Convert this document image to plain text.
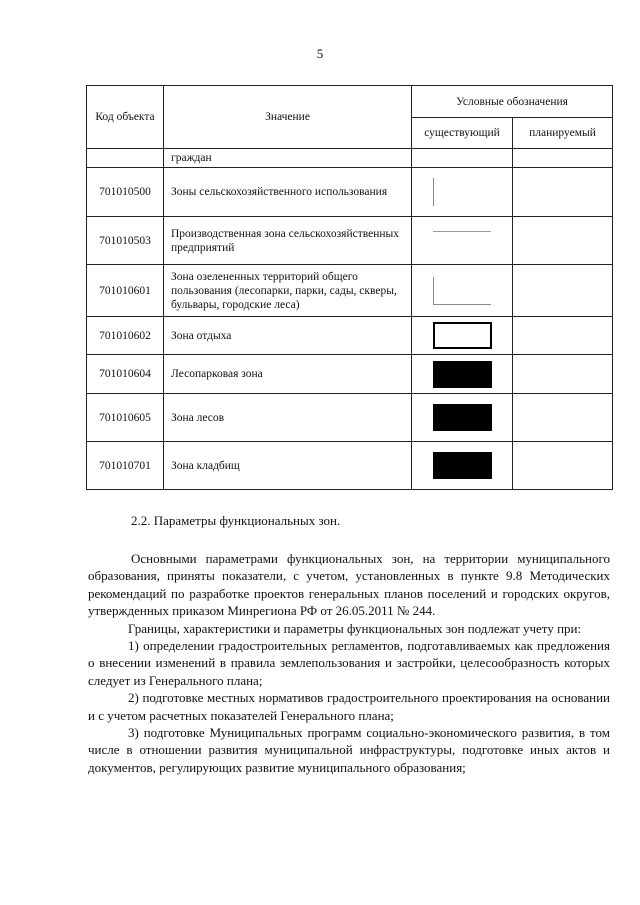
5
Код объекта	Значение	Условные обозначения	
		существующий	планируемый
	граждан		
701010500	Зоны сельскохозяйственного использования		
701010503	Производственная зона сельскохозяйственных предприятий		
701010601	Зона озелененных территорий общего пользования (лесопарки, парки, сады, скверы, бульвары, городские леса)		
701010602	Зона отдыха		
701010604	Лесопарковая зона		
701010605	Зона лесов		
701010701	Зона кладбищ		
2.2. Параметры функциональных зон.

Основными параметрами функциональных зон, на территории муниципального образования, приняты показатели, с учетом, установленных в пункте 9.8 Методических рекомендаций по разработке проектов генеральных планов поселений и городских округов, утвержденных приказом Минрегиона РФ от 26.05.2011 № 244.

Границы, характеристики и параметры функциональных зон подлежат учету при:

1) определении градостроительных регламентов, подготавливаемых как предложения о внесении изменений в правила землепользования и застройки, целесообразность которых следует из Генерального плана;

2) подготовке местных нормативов градостроительного проектирования на основании и с учетом расчетных показателей Генерального плана;

3) подготовке Муниципальных программ социально-экономического развития, в том числе в отношении развития муниципальной инфраструктуры, подготовке иных актов и документов, регулирующих развитие муниципального образования;
